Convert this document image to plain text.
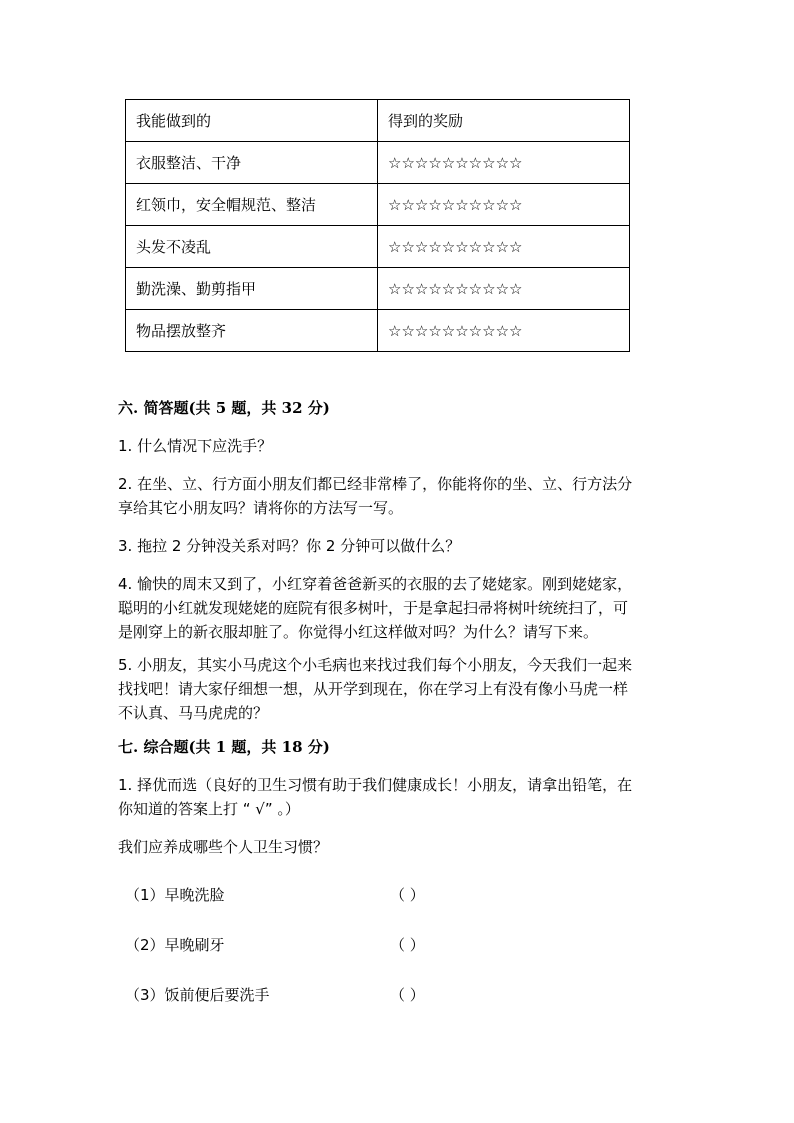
我能做到的	得到的奖励
衣服整洁、干净	☆☆☆☆☆☆☆☆☆☆
红领巾，安全帽规范、整洁	☆☆☆☆☆☆☆☆☆☆
头发不凌乱	☆☆☆☆☆☆☆☆☆☆
勤洗澡、勤剪指甲	☆☆☆☆☆☆☆☆☆☆
物品摆放整齐	☆☆☆☆☆☆☆☆☆☆
六. 简答题(共 5 题，共 32 分)
1. 什么情况下应洗手？
2. 在坐、立、行方面小朋友们都已经非常棒了，你能将你的坐、立、行方法分
享给其它小朋友吗？请将你的方法写一写。
3. 拖拉 2 分钟没关系对吗？你 2 分钟可以做什么？
4. 愉快的周末又到了，小红穿着爸爸新买的衣服的去了姥姥家。刚到姥姥家，
聪明的小红就发现姥姥的庭院有很多树叶，于是拿起扫帚将树叶统统扫了，可
是刚穿上的新衣服却脏了。你觉得小红这样做对吗？为什么？请写下来。
5. 小朋友，其实小马虎这个小毛病也来找过我们每个小朋友，今天我们一起来
找找吧！请大家仔细想一想，从开学到现在，你在学习上有没有像小马虎一样
不认真、马马虎虎的？
七. 综合题(共 1 题，共 18 分)
1. 择优而选（良好的卫生习惯有助于我们健康成长！小朋友，请拿出铅笔，在
你知道的答案上打 “ √” 。）
我们应养成哪些个人卫生习惯？
（1）早晚洗脸	（ ）
（2）早晚刷牙	（ ）
（3）饭前便后要洗手	（ ）
